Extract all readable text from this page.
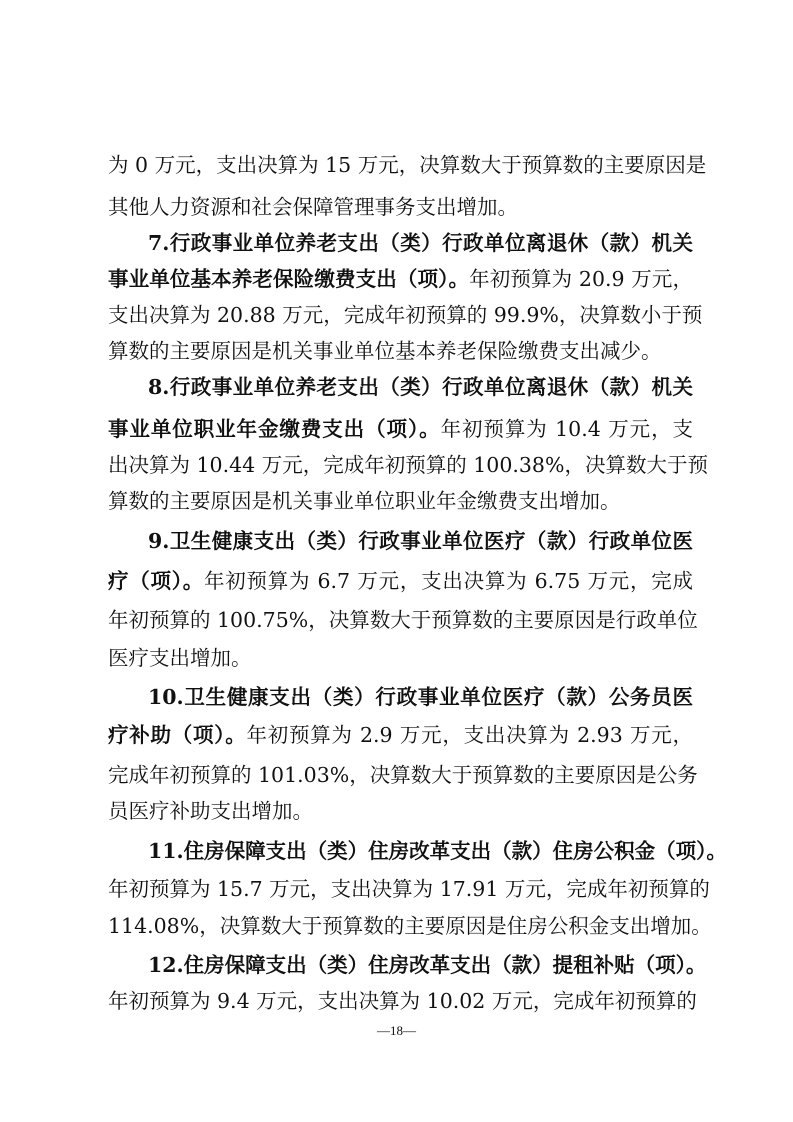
为 0 万元，支出决算为 15 万元，决算数大于预算数的主要原因是
其他人力资源和社会保障管理事务支出增加。
7.行政事业单位养老支出（类）行政单位离退休（款）机关
事业单位基本养老保险缴费支出（项）。年初预算为 20.9 万元，
支出决算为 20.88 万元，完成年初预算的 99.9%，决算数小于预
算数的主要原因是机关事业单位基本养老保险缴费支出减少。
8.行政事业单位养老支出（类）行政单位离退休（款）机关
事业单位职业年金缴费支出（项）。年初预算为 10.4 万元，支
出决算为 10.44 万元，完成年初预算的 100.38%，决算数大于预
算数的主要原因是机关事业单位职业年金缴费支出增加。
9.卫生健康支出（类）行政事业单位医疗（款）行政单位医
疗（项）。年初预算为 6.7 万元，支出决算为 6.75 万元，完成
年初预算的 100.75%，决算数大于预算数的主要原因是行政单位
医疗支出增加。
10.卫生健康支出（类）行政事业单位医疗（款）公务员医
疗补助（项）。年初预算为 2.9 万元，支出决算为 2.93 万元，
完成年初预算的 101.03%，决算数大于预算数的主要原因是公务
员医疗补助支出增加。
11.住房保障支出（类）住房改革支出（款）住房公积金（项）。
年初预算为 15.7 万元，支出决算为 17.91 万元，完成年初预算的
114.08%，决算数大于预算数的主要原因是住房公积金支出增加。
12.住房保障支出（类）住房改革支出（款）提租补贴（项）。
年初预算为 9.4 万元，支出决算为 10.02 万元，完成年初预算的
—18—
